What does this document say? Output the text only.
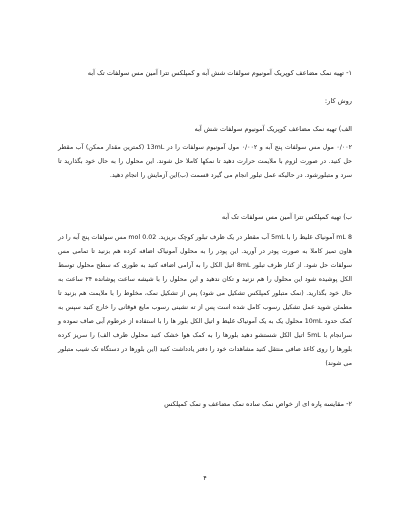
۱- تهیه نمک مضاعف کوپریک آمونیوم سولفات شش آبه و کمپلکس تترا آمین مس سولفات تک آبه
روش کار:
الف) تهیه نمک مضاعف کوپریک آمونیوم سولفات شش آبه
۰/۰۰۲ مول مس سولفات پنج آبه و ۰/۰۰۲ مول آمونیوم سولفات را در 13mL (کمترین مقدار ممکن) آب مقطر حل کنید. در صورت لزوم با ملایمت حرارت دهید تا نمکها کاملا حل شوند. این محلول را به حال خود بگذارید تا سرد و متبلورشود. در حالیکه عمل تبلور انجام می گیرد قسمت (ب)این آزمایش را انجام دهید.
ب) تهیه کمپلکس تترا آمین مس سولفات تک آبه
8 mL آمونیاک غلیظ را با 5mL آب مقطر در یک ظرف تبلور کوچک بریزید. 0.02 mol مس سولفات پنج آبه را در هاون تمیز کاملا به صورت پودر در آورید. این پودر را به محلول آمونیاک اضافه کرده هم بزنید تا تمامی مس سولفات حل شود. از کنار ظرف تبلور 8mL اتیل الکل را به آرامی اضافه کنید به طوری که سطح محلول توسط الکل پوشیده شود این محلول را هم نزنید و تکان ندهید و این محلول را با شیشه ساعت پوشانده ۲۴ ساعت به حال خود بگذارید. (نمک متبلور کمپلکس تشکیل می شود) پس از تشکیل نمک، مخلوط را با ملایمت هم بزنید تا مطمئن شوید عمل تشکیل رسوب کامل شده است پس از ته نشینی رسوب مایع فوقانی را خارج کنید سپس به کمک حدود 10mL محلول یک به یک آمونیاک غلیظ و اتیل الکل بلور ها را با استفاده از خرطوم آبی صاف نموده و سرانجام با 5mL اتیل الکل شستشو دهید بلورها را به کمک هوا خشک کنید محلول ظرف الف) را سریز کرده بلورها را روی کاغذ صافی منتقل کنید مشاهدات خود را دفتر یادداشت کنید (این بلورها در دستگاه تک شیب متبلور می شوند)
۲- مقایسه پاره ای از خواص نمک ساده نمک مضاعف و نمک کمپلکس
۴
